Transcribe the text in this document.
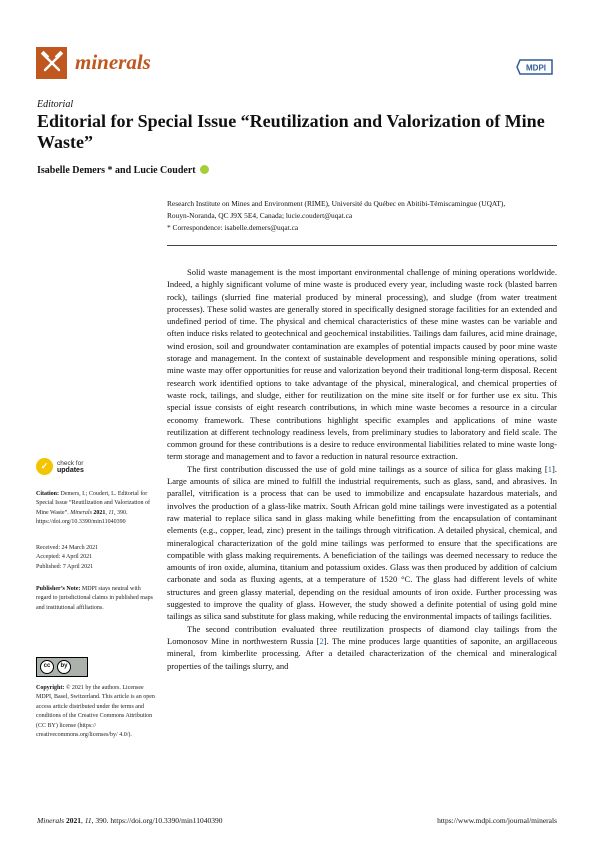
minerals	MDPI
Editorial
Editorial for Special Issue “Reutilization and Valorization of Mine Waste”
Isabelle Demers * and Lucie Coudert
Research Institute on Mines and Environment (RIME), Université du Québec en Abitibi-Témiscamingue (UQAT),
Rouyn-Noranda, QC J9X 5E4, Canada; lucie.coudert@uqat.ca
* Correspondence: isabelle.demers@uqat.ca

Solid waste management is the most important environmental challenge of mining operations worldwide. Indeed, a highly significant volume of mine waste is produced every year, including waste rock (blasted barren rock), tailings (slurried fine material produced by mineral processing), and sludge (from water treatment processes). These solid wastes are generally stored in specifically designed storage facilities for an extended and undefined period of time. The physical and chemical characteristics of these mine wastes can be variable and often induce risks related to geotechnical and geochemical instabilities. Tailings dam failures, acid mine drainage, wind erosion, soil and groundwater contamination are examples of potential impacts caused by poor mine waste storage and management. In the context of sustainable development and responsible mining operations, solid mine waste may offer opportunities for reuse and valorization beyond their traditional long-term disposal. Recent research work identified options to take advantage of the physical, mineralogical, and chemical properties of waste rock, tailings, and sludge, either for reutilization on the mine site itself or for further use ex situ. This special issue consists of eight research contributions, in which mine waste becomes a resource in a circular economy framework. These contributions highlight specific examples and applications of mine waste reutilization at different technology readiness levels, from preliminary studies to laboratory and field scale. The common ground for these contributions is a desire to reduce environmental liabilities related to mine waste long-term storage and management and to favor a reduction in natural resource extraction.

The first contribution discussed the use of gold mine tailings as a source of silica for glass making [1]. Large amounts of silica are mined to fulfill the industrial requirements, such as glass, sand, and abrasives. In parallel, vitrification is a process that can be used to immobilize and encapsulate hazardous materials, and involves the production of a glass-like matrix. South African gold mine tailings were investigated as a potential raw material to replace silica sand in glass making while benefitting from the encapsulation of contaminant elements (e.g., copper, lead, zinc) present in the tailings through vitrification. A detailed physical, chemical, and mineralogical characterization of the gold mine tailings was performed to ensure that the specifications are compatible with glass making requirements. A beneficiation of the tailings was deemed necessary to reduce the amounts of iron oxide, alumina, titanium and potassium oxides. Glass was then produced by addition of calcium carbonate and soda as fluxing agents, at a temperature of 1520 °C. The glass had different levels of white structures and green glassy material, depending on the residual amounts of iron oxide. Further processing was suggested to improve the quality of glass. However, the study showed a definite potential of using gold mine tailings as silica sand substitute for glass making, while reducing the environmental impacts of tailings facilities.

The second contribution evaluated three reutilization prospects of diamond clay tailings from the Lomonosov Mine in northwestern Russia [2]. The mine produces large quantities of saponite, an argillaceous mineral, from kimberlite processing. After a detailed characterization of the chemical and mineralogical properties of the tailings slurry, and

✓	check for
updates
Citation: Demers, I.; Coudert, L. Editorial for Special Issue “Reutilization and Valorization of Mine Waste”. Minerals 2021, 11, 390. https://doi.org/10.3390/min11040390
Received: 24 March 2021
Accepted: 4 April 2021
Published: 7 April 2021
Publisher’s Note: MDPI stays neutral with regard to jurisdictional claims in published maps and institutional affiliations.
cc	by
Copyright: © 2021 by the authors. Licensee MDPI, Basel, Switzerland. This article is an open access article distributed under the terms and conditions of the Creative Commons Attribution (CC BY) license (https:// creativecommons.org/licenses/by/ 4.0/).
Minerals 2021, 11, 390. https://doi.org/10.3390/min11040390	https://www.mdpi.com/journal/minerals
